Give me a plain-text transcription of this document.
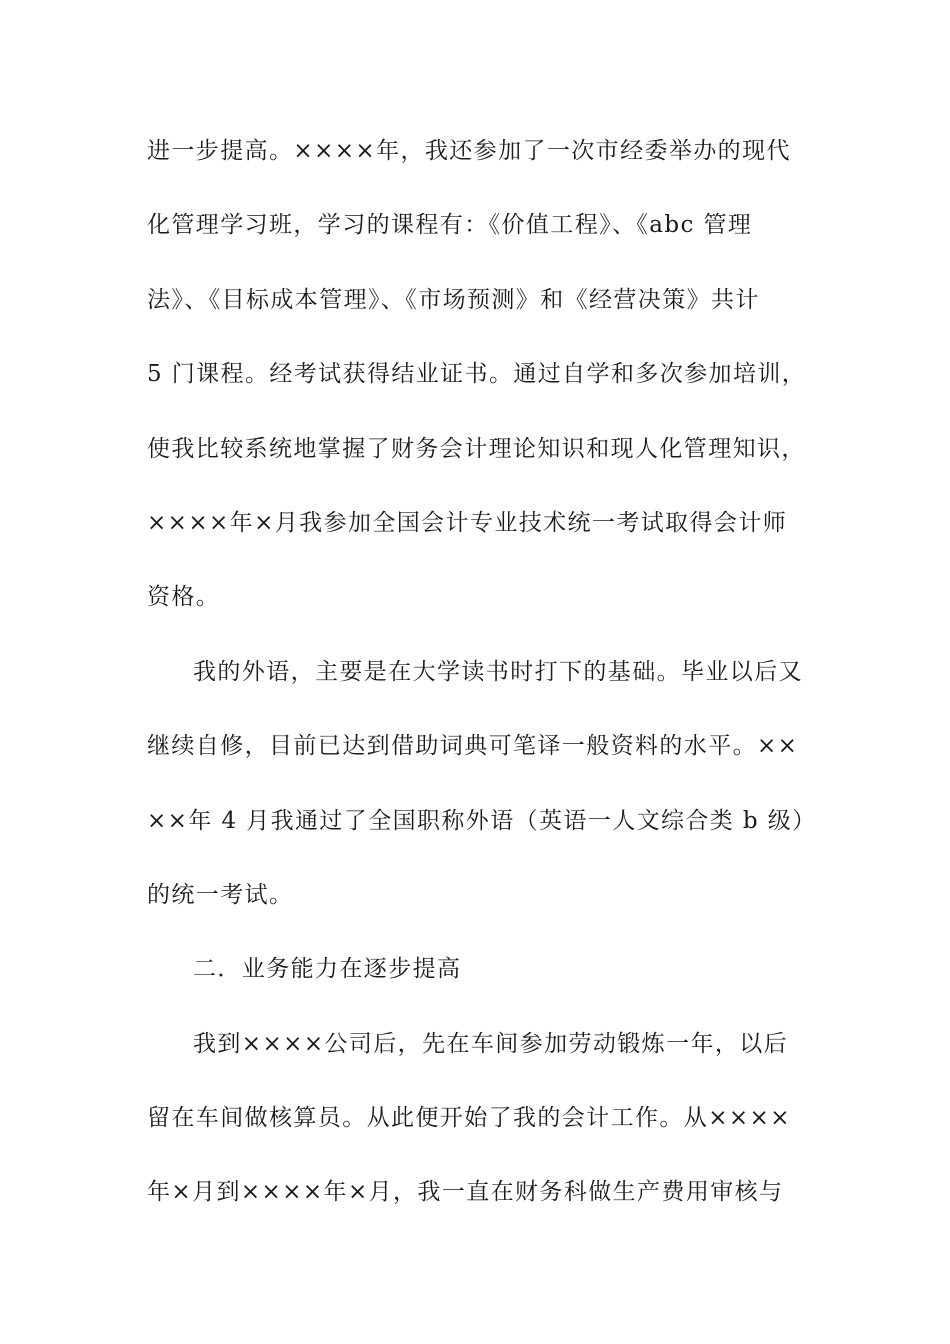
进一步提高。××××年，我还参加了一次市经委举办的现代
化管理学习班，学习的课程有：《价值工程》、《abc 管理
法》、《目标成本管理》、《市场预测》和《经营决策》共计
5 门课程。经考试获得结业证书。通过自学和多次参加培训，
使我比较系统地掌握了财务会计理论知识和现人化管理知识，
××××年×月我参加全国会计专业技术统一考试取得会计师
资格。
我的外语，主要是在大学读书时打下的基础。毕业以后又
继续自修，目前已达到借助词典可笔译一般资料的水平。××
××年 4 月我通过了全国职称外语（英语一人文综合类 b 级）
的统一考试。
二．业务能力在逐步提高
我到××××公司后，先在车间参加劳动锻炼一年，以后
留在车间做核算员。从此便开始了我的会计工作。从××××
年×月到××××年×月，我一直在财务科做生产费用审核与
